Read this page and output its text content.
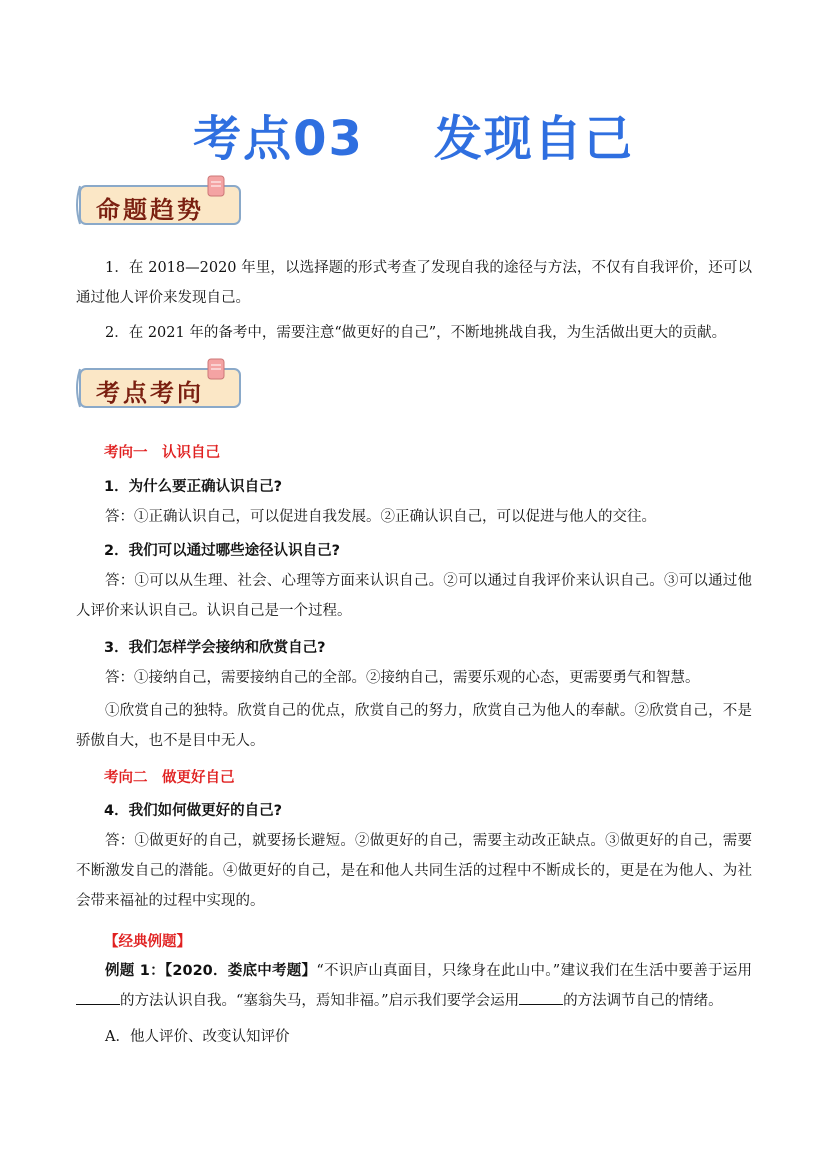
考点03 发现自己
命题趋势
1．在 2018—2020 年里，以选择题的形式考查了发现自我的途径与方法，不仅有自我评价，还可以通过他人评价来发现自己。
2．在 2021 年的备考中，需要注意“做更好的自己”，不断地挑战自我，为生活做出更大的贡献。
考点考向
考向一　认识自己
1．为什么要正确认识自己?
答：①正确认识自己，可以促进自我发展。②正确认识自己，可以促进与他人的交往。
2．我们可以通过哪些途径认识自己?
答：①可以从生理、社会、心理等方面来认识自己。②可以通过自我评价来认识自己。③可以通过他人评价来认识自己。认识自己是一个过程。
3．我们怎样学会接纳和欣赏自己?
答：①接纳自己，需要接纳自己的全部。②接纳自己，需要乐观的心态，更需要勇气和智慧。
①欣赏自己的独特。欣赏自己的优点，欣赏自己的努力，欣赏自己为他人的奉献。②欣赏自己，不是骄傲自大，也不是目中无人。
考向二　做更好自己
4．我们如何做更好的自己?
答：①做更好的自己，就要扬长避短。②做更好的自己，需要主动改正缺点。③做更好的自己，需要不断激发自己的潜能。④做更好的自己，是在和他人共同生活的过程中不断成长的，更是在为他人、为社会带来福祉的过程中实现的。
【经典例题】
例题 1：【2020．娄底中考题】“不识庐山真面目，只缘身在此山中。”建议我们在生活中要善于运用的方法认识自我。“塞翁失马，焉知非福。”启示我们要学会运用	的方法调节自己的情绪。
A．他人评价、改变认知评价
